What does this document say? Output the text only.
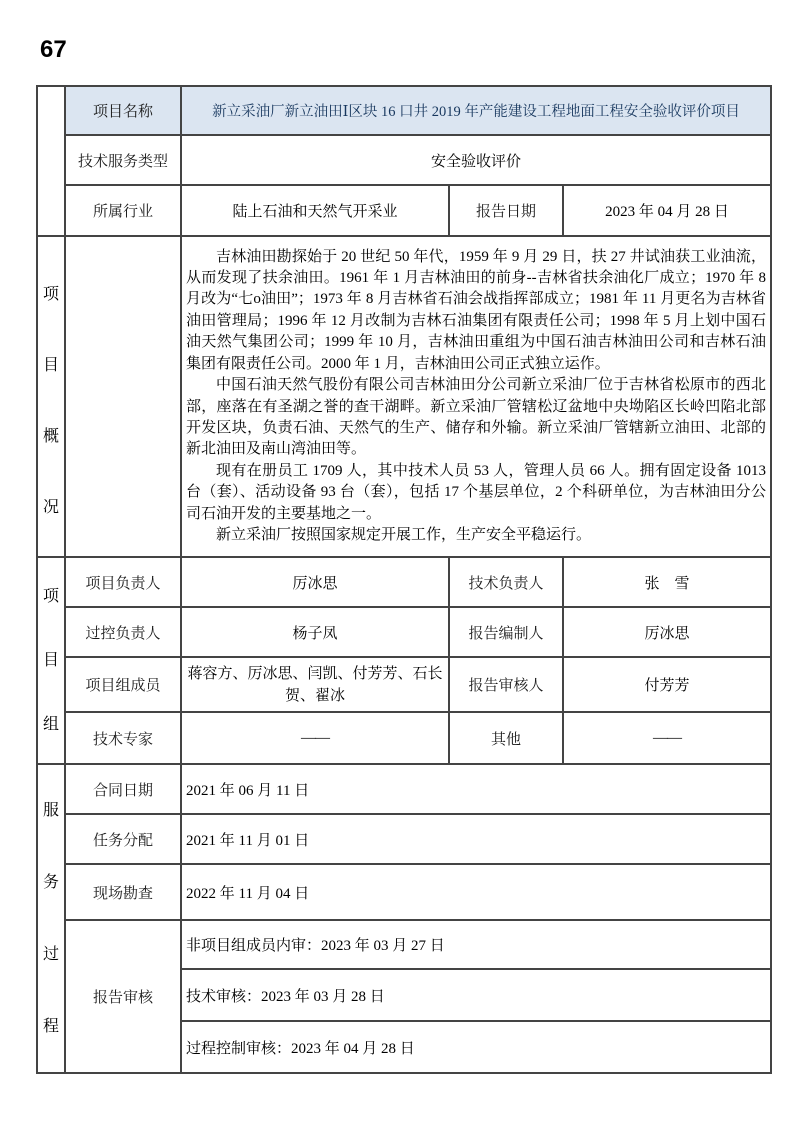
67
	项目名称	新立采油厂新立油田Ⅰ区块 16 口井 2019 年产能建设工程地面工程安全验收评价项目		
	技术服务类型	安全验收评价		
	所属行业	陆上石油和天然气开采业	报告日期	2023 年 04 月 28 日

项目概况		吉林油田勘探始于 20 世纪 50 年代，1959 年 9 月 29 日，扶 27 井试油获工业油流，从而发现了扶余油田。1961 年 1 月吉林油田的前身--吉林省扶余油化厂成立；1970 年 8 月改为“七o油田”；1973 年 8 月吉林省石油会战指挥部成立；1981 年 11 月更名为吉林省油田管理局；1996 年 12 月改制为吉林石油集团有限责任公司；1998 年 5 月上划中国石油天然气集团公司；1999 年 10 月，吉林油田重组为中国石油吉林油田公司和吉林石油集团有限责任公司。2000 年 1 月，吉林油田公司正式独立运作。

中国石油天然气股份有限公司吉林油田分公司新立采油厂位于吉林省松原市的西北部，座落在有圣湖之誉的查干湖畔。新立采油厂管辖松辽盆地中央坳陷区长岭凹陷北部开发区块，负责石油、天然气的生产、储存和外输。新立采油厂管辖新立油田、北部的新北油田及南山湾油田等。

现有在册员工 1709 人，其中技术人员 53 人，管理人员 66 人。拥有固定设备 1013 台（套）、活动设备 93 台（套），包括 17 个基层单位，2 个科研单位，为吉林油田分公司石油开发的主要基地之一。

新立采油厂按照国家规定开展工作，生产安全平稳运行。		

项目组	项目负责人	厉冰思	技术负责人	张　雪
	过控负责人	杨子凤	报告编制人	厉冰思
	项目组成员	蒋容方、厉冰思、闫凯、付芳芳、石长贺、翟冰	报告审核人	付芳芳
	技术专家	——	其他	——

服务过程	合同日期	2021 年 06 月 11 日		
	任务分配	2021 年 11 月 01 日		
	现场勘查	2022 年 11 月 04 日		
	报告审核	非项目组成员内审：2023 年 03 月 27 日		
		技术审核：2023 年 03 月 28 日		
		过程控制审核：2023 年 04 月 28 日		
